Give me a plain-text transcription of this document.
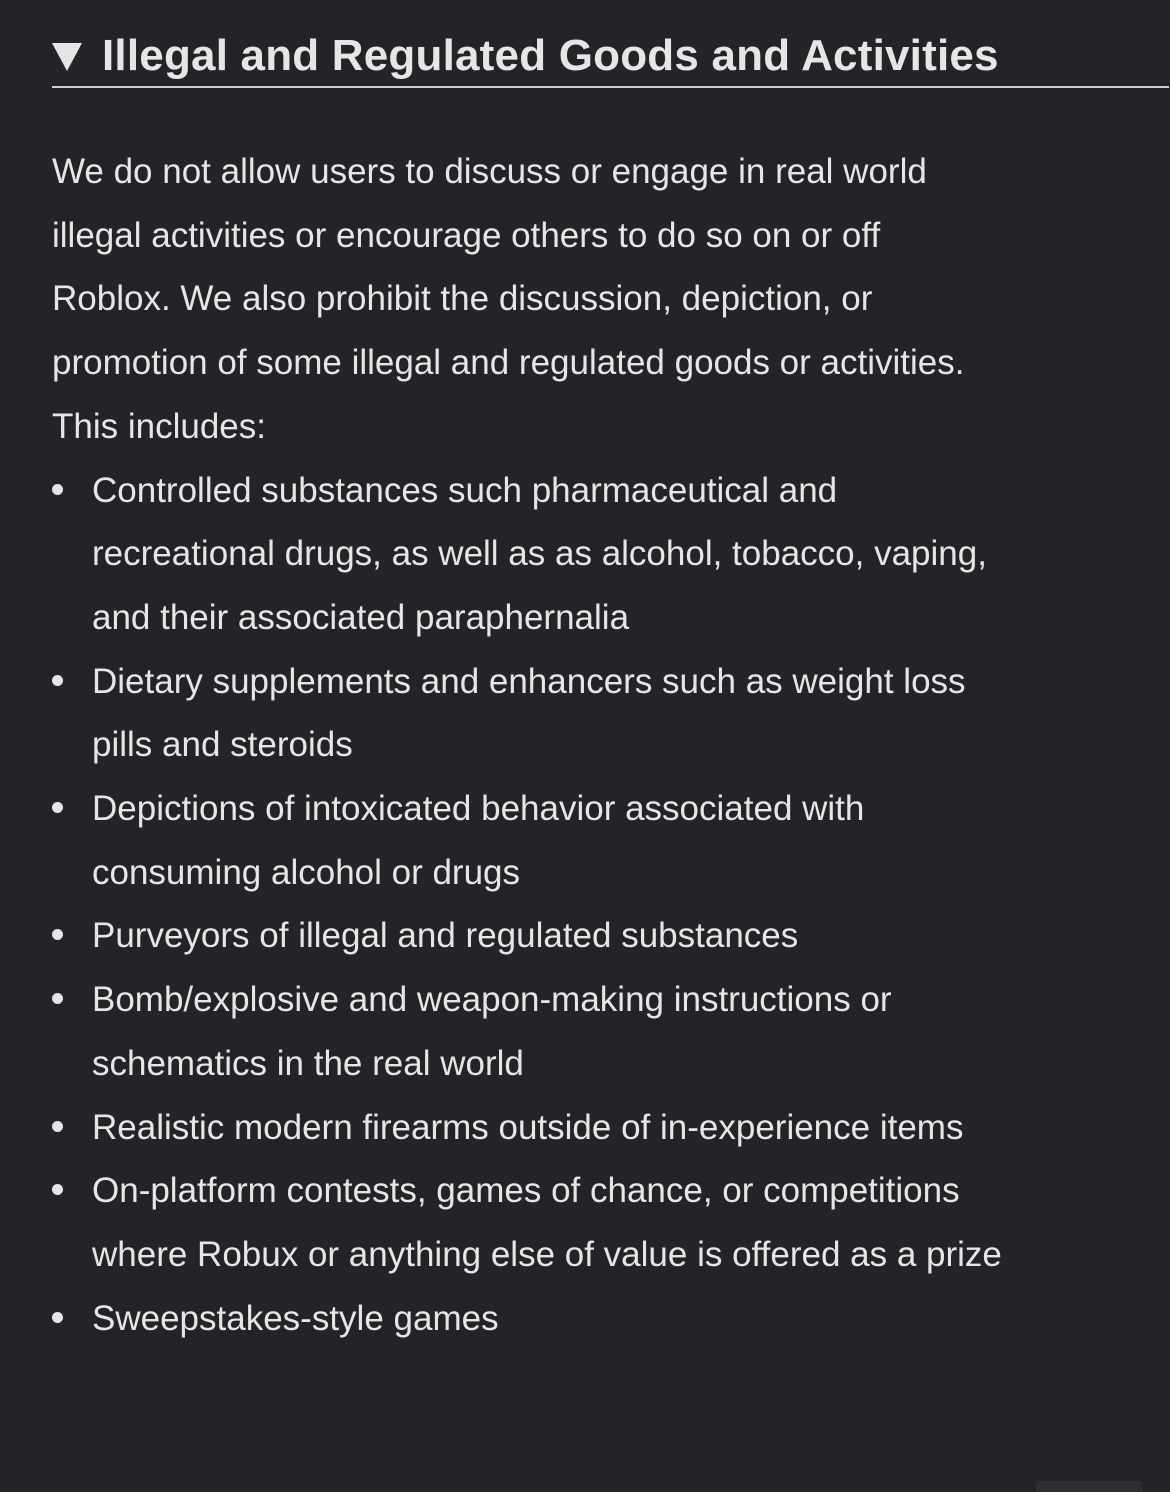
Illegal and Regulated Goods and Activities

We do not allow users to discuss or engage in real world illegal activities or encourage others to do so on or off Roblox. We also prohibit the discussion, depiction, or promotion of some illegal and regulated goods or activities. This includes:

Controlled substances such pharmaceutical and recreational drugs, as well as as alcohol, tobacco, vaping, and their associated paraphernalia
Dietary supplements and enhancers such as weight loss pills and steroids
Depictions of intoxicated behavior associated with consuming alcohol or drugs
Purveyors of illegal and regulated substances
Bomb/explosive and weapon-making instructions or schematics in the real world
Realistic modern firearms outside of in-experience items
On-platform contests, games of chance, or competitions where Robux or anything else of value is offered as a prize
Sweepstakes-style games
